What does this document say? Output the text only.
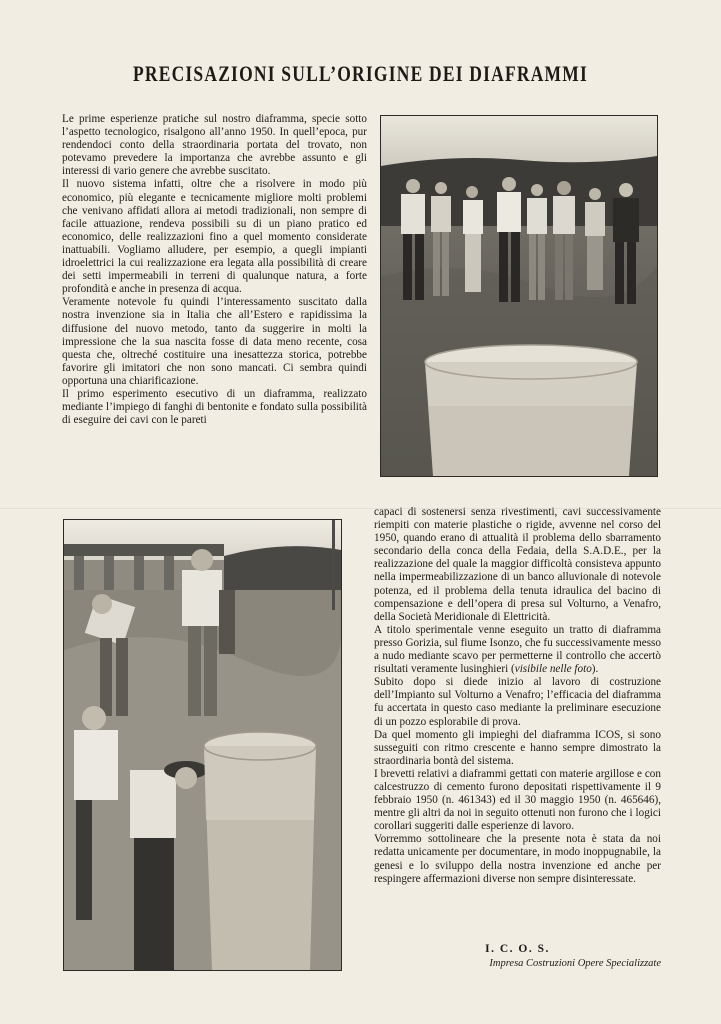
PRECISAZIONI SULL’ORIGINE DEI DIAFRAMMI

Le prime esperienze pratiche sul nostro diaframma, specie sotto l’aspetto tecnologico, risalgono all’anno 1950. In quell’epoca, pur rendendoci conto della straordinaria portata del trovato, non potevamo prevedere la importanza che avrebbe assunto e gli interessi di vario genere che avrebbe suscitato.

Il nuovo sistema infatti, oltre che a risolvere in modo più economico, più elegante e tecnicamente migliore molti problemi che venivano affidati allora ai metodi tradizionali, non sempre di facile attuazione, rendeva possibili su di un piano pratico ed economico, delle realizzazioni fino a quel momento considerate inattuabili. Vogliamo alludere, per esempio, a quegli impianti idroelettrici la cui realizzazione era legata alla possibilità di creare dei setti impermeabili in terreni di qualunque natura, a forte profondità e anche in presenza di acqua.

Veramente notevole fu quindi l’interessamento suscitato dalla nostra invenzione sia in Italia che all’Estero e rapidissima la diffusione del nuovo metodo, tanto da suggerire in molti la impressione che la sua nascita fosse di data meno recente, cosa questa che, oltreché costituire una inesattezza storica, potrebbe favorire gli imitatori che non sono mancati. Ci sembra quindi opportuna una chiarificazione.

Il primo esperimento esecutivo di un diaframma, realizzato mediante l’impiego di fanghi di bentonite e fondato sulla possibilità di eseguire dei cavi con le pareti

capaci di sostenersi senza rivestimenti, cavi successivamente riempiti con materie plastiche o rigide, avvenne nel corso del 1950, quando erano di attualità il problema dello sbarramento secondario della conca della Fedaia, della S.A.D.E., per la realizzazione del quale la maggior difficoltà consisteva appunto nella impermeabilizzazione di un banco alluvionale di notevole potenza, ed il problema della tenuta idraulica del bacino di compensazione e dell’opera di presa sul Volturno, a Venafro, della Società Meridionale di Elettricità.

A titolo sperimentale venne eseguito un tratto di diaframma presso Gorizia, sul fiume Isonzo, che fu successivamente messo a nudo mediante scavo per permetterne il controllo che accertò risultati veramente lusinghieri (visibile nelle foto).

Subito dopo si diede inizio al lavoro di costruzione dell’Impianto sul Volturno a Venafro; l’efficacia del diaframma fu accertata in questo caso mediante la preliminare esecuzione di un pozzo esplorabile di prova.

Da quel momento gli impieghi del diaframma ICOS, si sono susseguiti con ritmo crescente e hanno sempre dimostrato la straordinaria bontà del sistema.

I brevetti relativi a diaframmi gettati con materie argillose e con calcestruzzo di cemento furono depositati rispettivamente il 9 febbraio 1950 (n. 461343) ed il 30 maggio 1950 (n. 465646), mentre gli altri da noi in seguito ottenuti non furono che i logici corollari suggeriti dalle esperienze di lavoro.

Vorremmo sottolineare che la presente nota è stata da noi redatta unicamente per documentare, in modo inoppugnabile, la genesi e lo sviluppo della nostra invenzione ed anche per respingere affermazioni diverse non sempre disinteressate.

I. C. O. S.
Impresa Costruzioni Opere Specializzate
